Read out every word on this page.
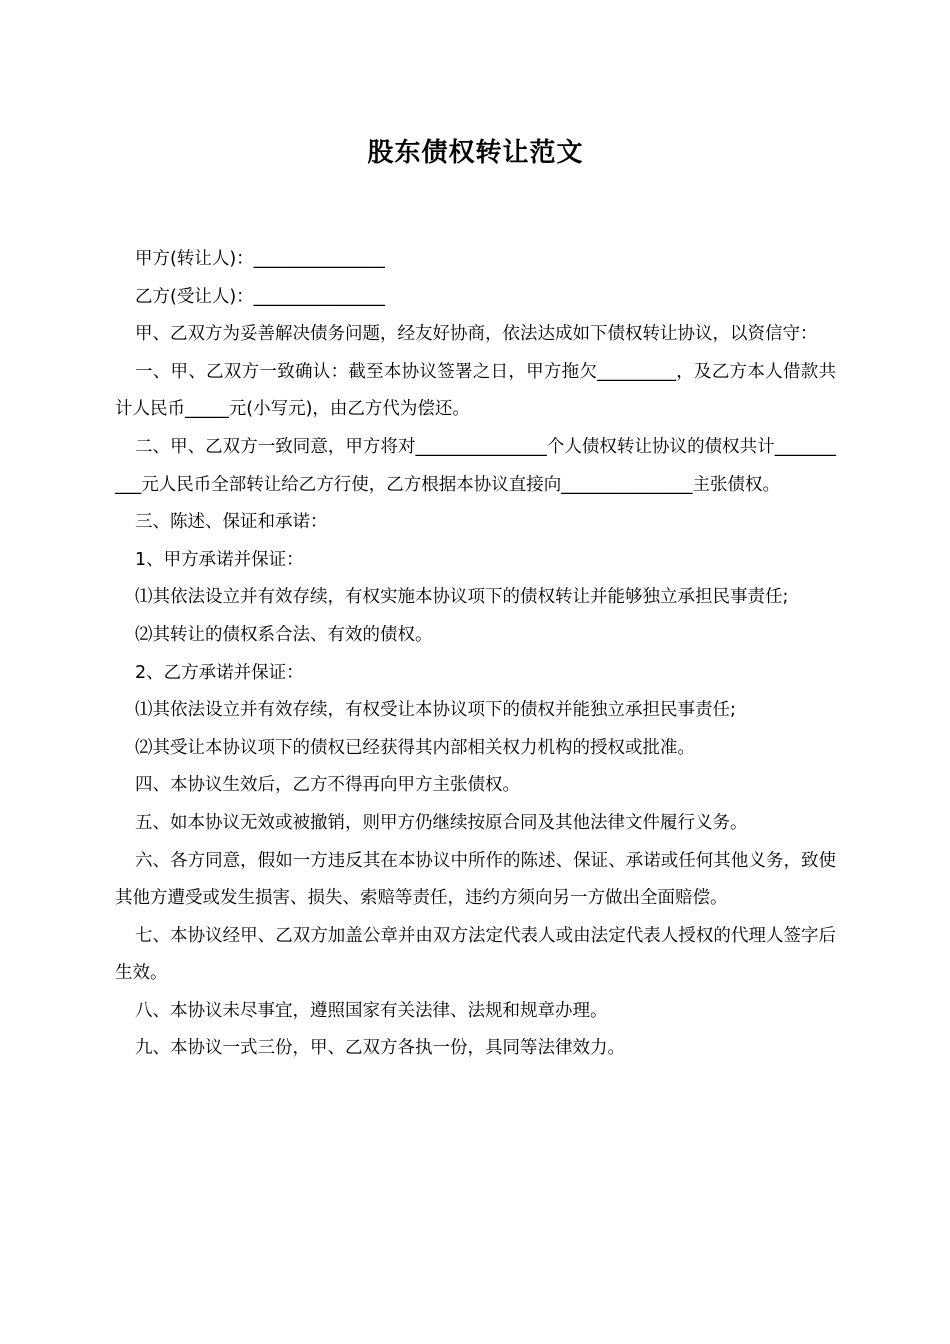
股东债权转让范文

甲方(转让人)：_______________

乙方(受让人)：_______________

甲、乙双方为妥善解决债务问题，经友好协商，依法达成如下债权转让协议，以资信守：

一、甲、乙双方一致确认：截至本协议签署之日，甲方拖欠_________，及乙方本人借款共计人民币_____元(小写元)，由乙方代为偿还。

二、甲、乙双方一致同意，甲方将对_______________个人债权转让协议的债权共计__________元人民币全部转让给乙方行使，乙方根据本协议直接向_______________主张债权。

三、陈述、保证和承诺：

1、甲方承诺并保证：

⑴其依法设立并有效存续，有权实施本协议项下的债权转让并能够独立承担民事责任;

⑵其转让的债权系合法、有效的债权。

2、乙方承诺并保证：

⑴其依法设立并有效存续，有权受让本协议项下的债权并能独立承担民事责任;

⑵其受让本协议项下的债权已经获得其内部相关权力机构的授权或批准。

四、本协议生效后，乙方不得再向甲方主张债权。

五、如本协议无效或被撤销，则甲方仍继续按原合同及其他法律文件履行义务。

六、各方同意，假如一方违反其在本协议中所作的陈述、保证、承诺或任何其他义务，致使其他方遭受或发生损害、损失、索赔等责任，违约方须向另一方做出全面赔偿。

七、本协议经甲、乙双方加盖公章并由双方法定代表人或由法定代表人授权的代理人签字后生效。

八、本协议未尽事宜，遵照国家有关法律、法规和规章办理。

九、本协议一式三份，甲、乙双方各执一份，具同等法律效力。
